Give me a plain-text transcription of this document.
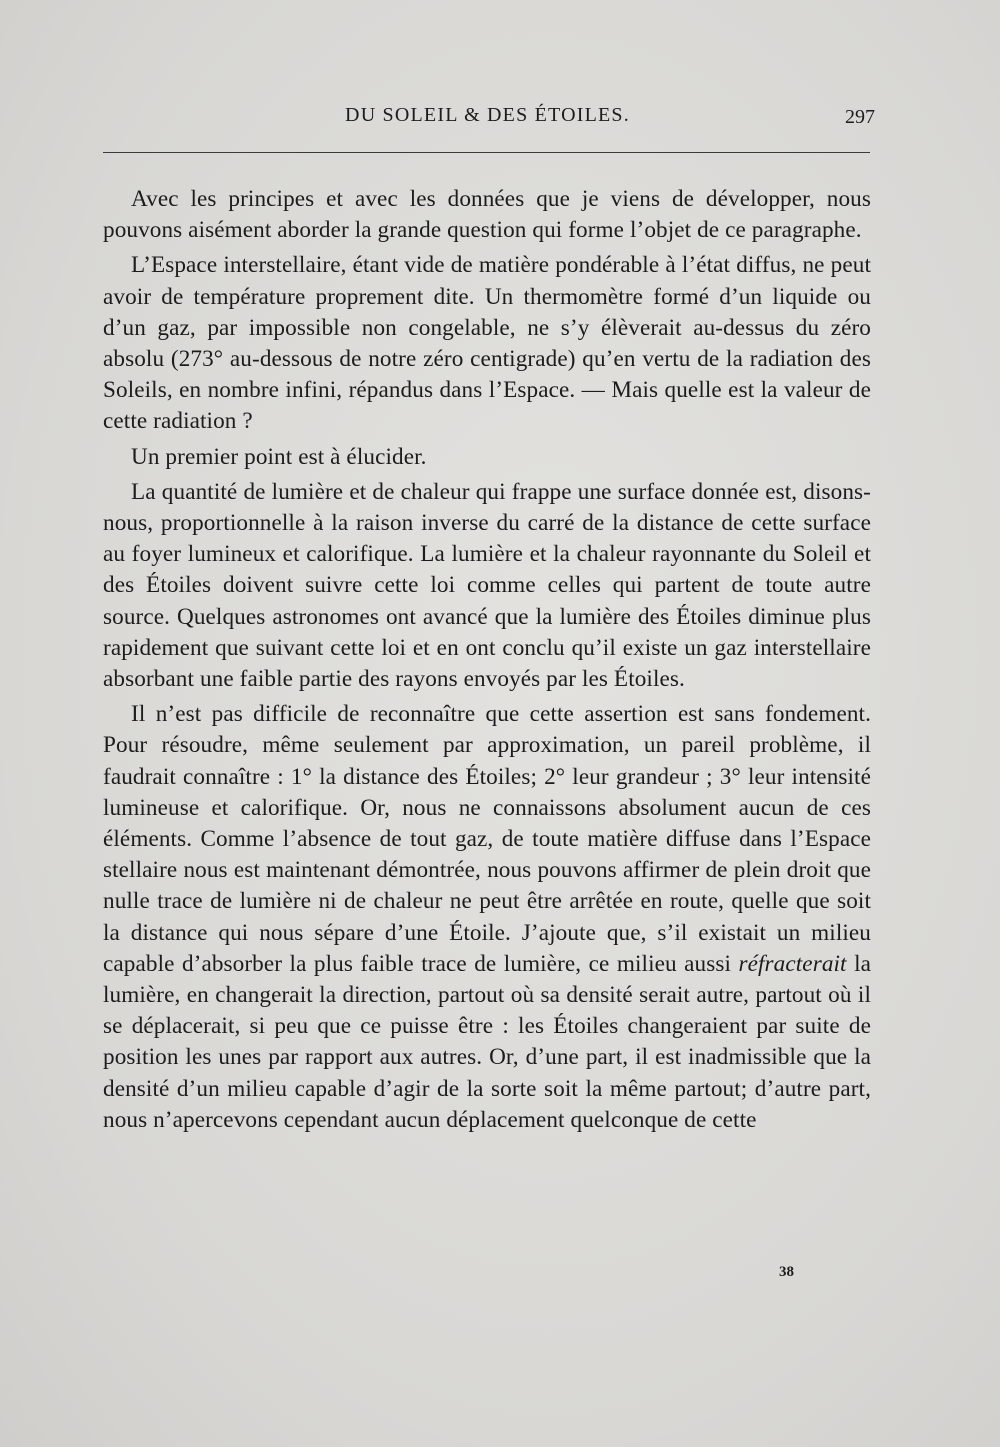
DU SOLEIL & DES ÉTOILES.	297

Avec les principes et avec les données que je viens de développer, nous pouvons aisément aborder la grande question qui forme l’objet de ce paragraphe.

L’Espace interstellaire, étant vide de matière pondérable à l’état diffus, ne peut avoir de température proprement dite. Un thermomètre formé d’un liquide ou d’un gaz, par impossible non congelable, ne s’y élèverait au-dessus du zéro absolu (273° au-dessous de notre zéro centigrade) qu’en vertu de la radiation des Soleils, en nombre infini, répandus dans l’Espace. — Mais quelle est la valeur de cette radiation ?

Un premier point est à élucider.

La quantité de lumière et de chaleur qui frappe une surface donnée est, disons-nous, proportionnelle à la raison inverse du carré de la distance de cette surface au foyer lumineux et calorifique. La lumière et la chaleur rayonnante du Soleil et des Étoiles doivent suivre cette loi comme celles qui partent de toute autre source. Quelques astronomes ont avancé que la lumière des Étoiles diminue plus rapidement que suivant cette loi et en ont conclu qu’il existe un gaz interstellaire absorbant une faible partie des rayons envoyés par les Étoiles.

Il n’est pas difficile de reconnaître que cette assertion est sans fondement. Pour résoudre, même seulement par approximation, un pareil problème, il faudrait connaître : 1° la distance des Étoiles; 2° leur grandeur ; 3° leur intensité lumineuse et calorifique. Or, nous ne connaissons absolument aucun de ces éléments. Comme l’absence de tout gaz, de toute matière diffuse dans l’Espace stellaire nous est maintenant démontrée, nous pouvons affirmer de plein droit que nulle trace de lumière ni de chaleur ne peut être arrêtée en route, quelle que soit la distance qui nous sépare d’une Étoile. J’ajoute que, s’il existait un milieu capable d’absorber la plus faible trace de lumière, ce milieu aussi réfracterait la lumière, en changerait la direction, partout où sa densité serait autre, partout où il se déplacerait, si peu que ce puisse être : les Étoiles changeraient par suite de position les unes par rapport aux autres. Or, d’une part, il est inadmissible que la densité d’un milieu capable d’agir de la sorte soit la même partout; d’autre part, nous n’apercevons cependant aucun déplacement quelconque de cette

38
